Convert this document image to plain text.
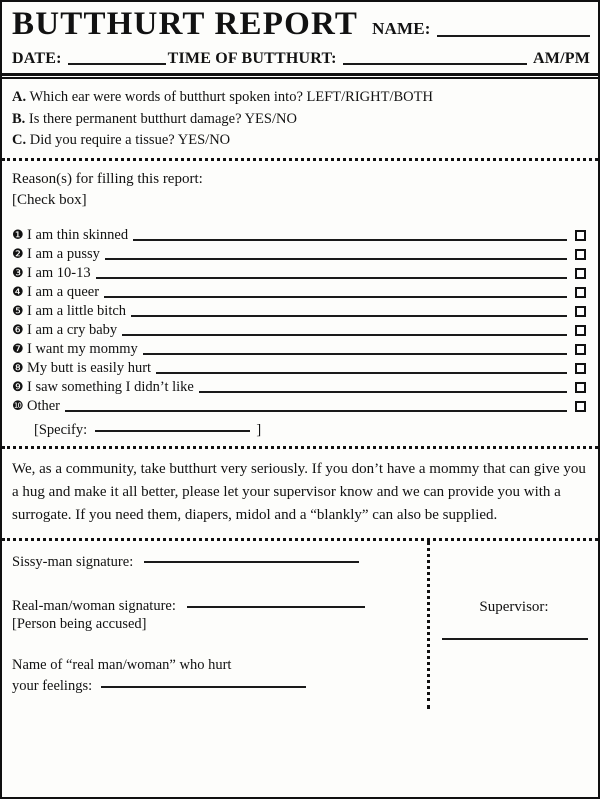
BUTTHURT REPORT NAME:
DATE:	TIME OF BUTTHURT:	AM/PM
A. Which ear were words of butthurt spoken into? LEFT/RIGHT/BOTH
B. Is there permanent butthurt damage? YES/NO
C. Did you require a tissue? YES/NO
Reason(s) for filling this report:
[Check box]
❶ I am thin skinned
❷ I am a pussy
❸ I am 10-13
❹ I am a queer
❺ I am a little bitch
❻ I am a cry baby
❼ I want my mommy
❽ My butt is easily hurt
❾ I saw something I didn’t like
❿ Other
[Specify:	]
We, as a community, take butthurt very seriously. If you don’t have a mommy that can give you a hug and make it all better, please let your supervisor know and we can provide you with a surrogate. If you need them, diapers, midol and a “blankly” can also be supplied.
Sissy-man signature:
Real-man/woman signature:
[Person being accused]
Name of “real man/woman” who hurt
your feelings:
Supervisor:
